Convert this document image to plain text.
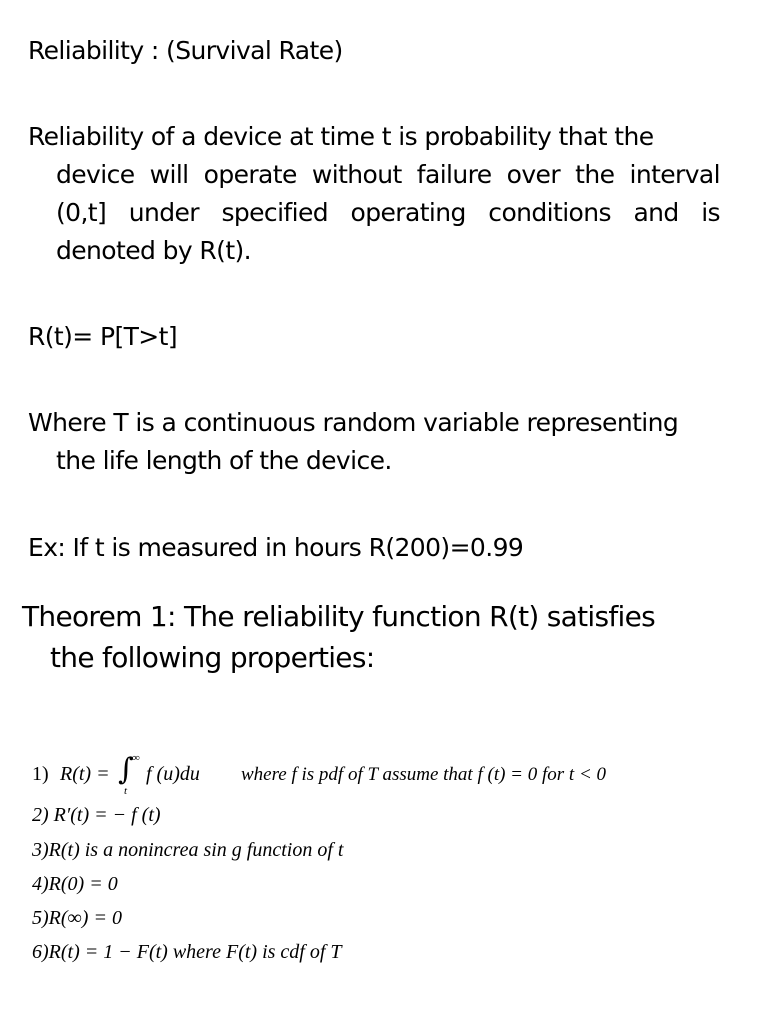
Reliability : (Survival Rate)
Reliability of a device at time t is probability that the
device will operate without failure over the interval
(0,t] under specified operating conditions and is
denoted by R(t).
R(t)= P[T>t]
Where T is a continuous random variable representing
the life length of the device.
Ex: If t is measured in hours R(200)=0.99
Theorem 1: The reliability function R(t) satisfies
the following properties:
1) R(t) = ∫
∞
t
f (u)du where f is pdf of T assume that f (t) = 0 for t < 0
2) R′(t) = − f (t)
3)R(t) is a nonincrea sin g function of t
4)R(0) = 0
5)R(∞) = 0
6)R(t) = 1 − F(t) where F(t) is cdf of T
